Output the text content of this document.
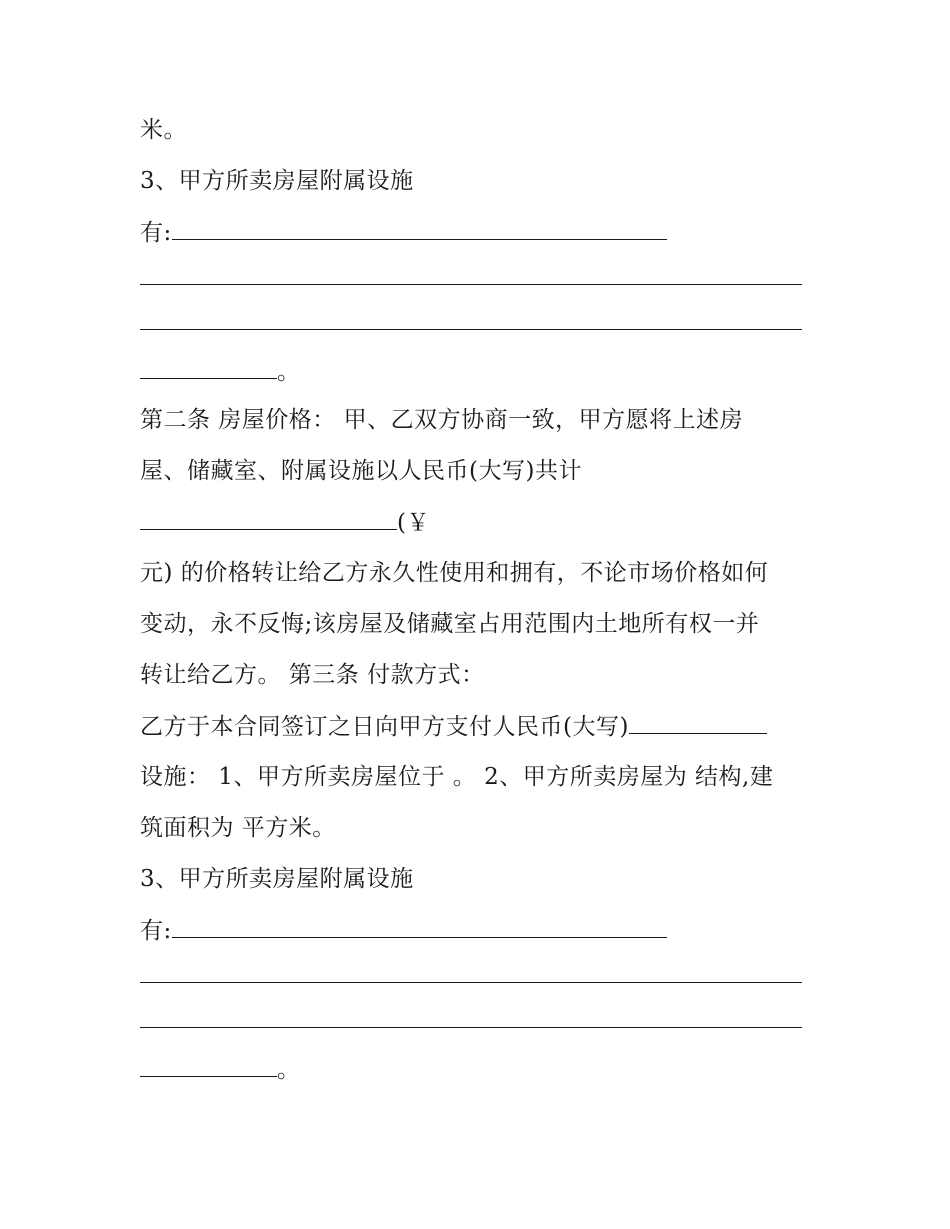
米。
3、甲方所卖房屋附属设施
有:
。
第二条 房屋价格： 甲、乙双方协商一致，甲方愿将上述房
屋、储藏室、附属设施以人民币(大写)共计
(￥
元) 的价格转让给乙方永久性使用和拥有，不论市场价格如何
变动，永不反悔;该房屋及储藏室占用范围内土地所有权一并
转让给乙方。 第三条 付款方式：
乙方于本合同签订之日向甲方支付人民币(大写)
设施： 1、甲方所卖房屋位于 。 2、甲方所卖房屋为 结构,建
筑面积为 平方米。
3、甲方所卖房屋附属设施
有:
。
